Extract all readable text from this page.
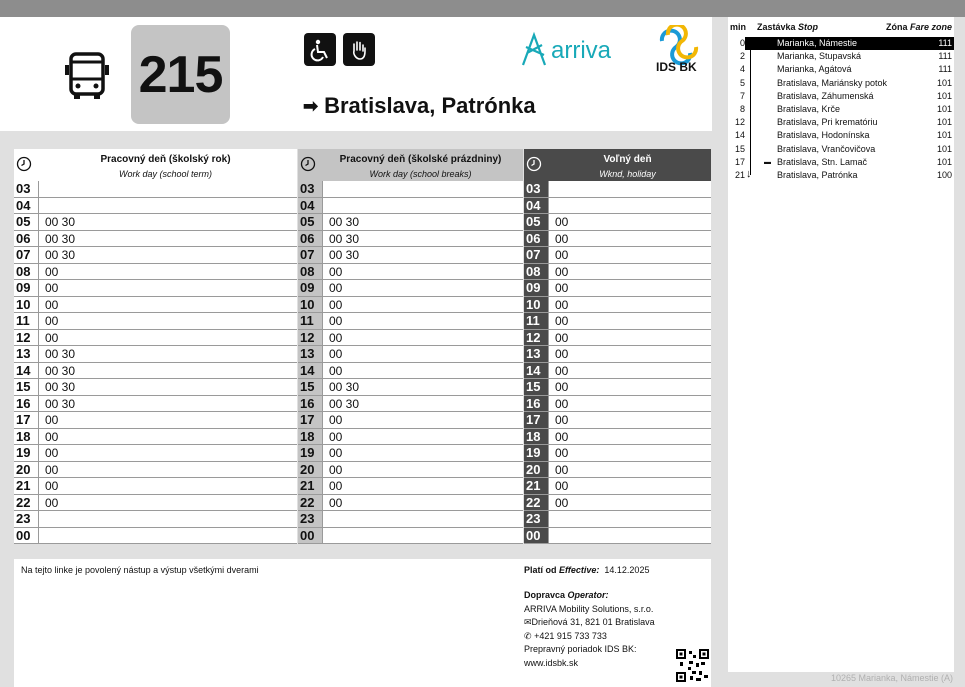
215
➡ Bratislava, Patrónka
arriva
IDS BK
Pracovný deň (školský rok)
Work day (school term)
03
04
05	00 30
06	00 30
07	00 30
08	00
09	00
10	00
11	00
12	00
13	00 30
14	00 30
15	00 30
16	00 30
17	00
18	00
19	00
20	00
21	00
22	00
23
00
Pracovný deň (školské prázdniny)
Work day (school breaks)
03
04
05	00 30
06	00 30
07	00 30
08	00
09	00
10	00
11	00
12	00
13	00
14	00
15	00 30
16	00 30
17	00
18	00
19	00
20	00
21	00
22	00
23
00
Voľný deň
Wknd, holiday
03
04
05	00
06	00
07	00
08	00
09	00
10	00
11	00
12	00
13	00
14	00
15	00
16	00
17	00
18	00
19	00
20	00
21	00
22	00
23
00
Na tejto linke je povolený nástup a výstup všetkými dverami	Platí od Effective: 14.12.2025
Dopravca Operator:
ARRIVA Mobility Solutions, s.r.o.
✉Drieňová 31, 821 01 Bratislava
✆ +421 915 733 733
Prepravný poriadok IDS BK:
www.idsbk.sk
min Zastávka Stop	Zóna Fare zone
0	Marianka, Námestie	111
2	Marianka, Stupavská	111
4	Marianka, Agátová	111
5	Bratislava, Mariánsky potok	101
7	Bratislava, Záhumenská	101
8	Bratislava, Krče	101
12	Bratislava, Pri krematóriu	101
14	Bratislava, Hodonínska	101
15	Bratislava, Vrančovičova	101
17	Bratislava, Stn. Lamač	101
▬
21	Bratislava, Patrónka	100
↓
10265 Marianka, Námestie (A)
